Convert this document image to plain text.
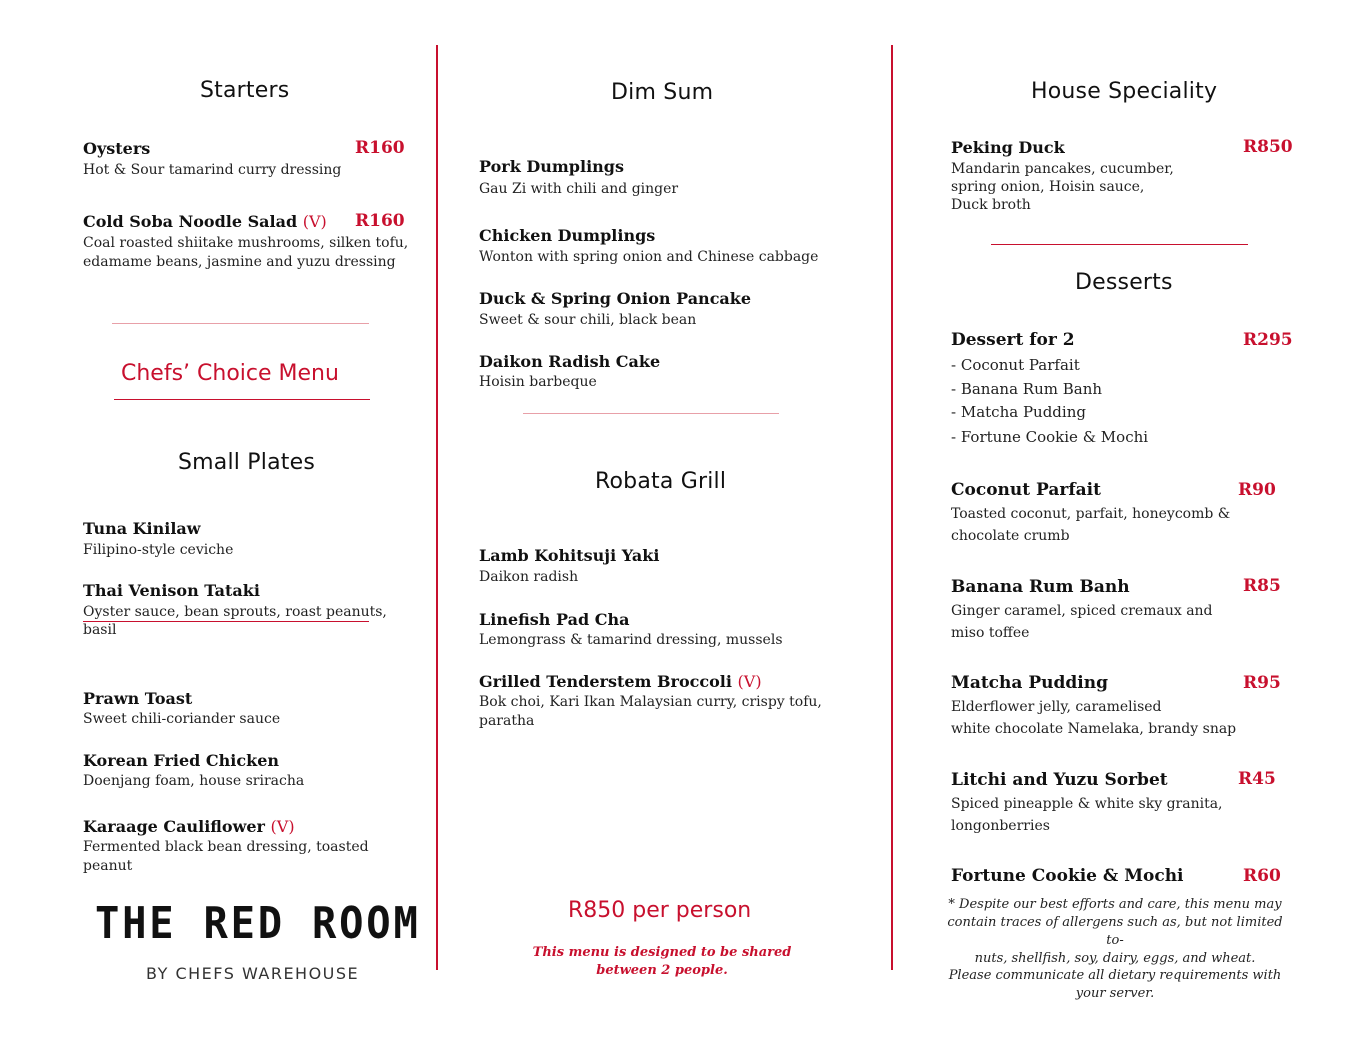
Starters
Oysters	R160
Hot & Sour tamarind curry dressing
Cold Soba Noodle Salad (V) R160
Coal roasted shiitake mushrooms, silken tofu,
edamame beans, jasmine and yuzu dressing
Chefs’ Choice Menu
Small Plates
Tuna Kinilaw
Filipino-style ceviche
Thai Venison Tataki
Oyster sauce, bean sprouts, roast peanuts,
basil
Prawn Toast
Sweet chili-coriander sauce
Korean Fried Chicken
Doenjang foam, house sriracha
Karaage Cauliflower (V)
Fermented black bean dressing, toasted
peanut
THE RED ROOM
BY CHEFS WAREHOUSE
Dim Sum
Pork Dumplings
Gau Zi with chili and ginger
Chicken Dumplings
Wonton with spring onion and Chinese cabbage
Duck & Spring Onion Pancake
Sweet & sour chili, black bean
Daikon Radish Cake
Hoisin barbeque
Robata Grill
Lamb Kohitsuji Yaki
Daikon radish
Linefish Pad Cha
Lemongrass & tamarind dressing, mussels
Grilled Tenderstem Broccoli (V)
Bok choi, Kari Ikan Malaysian curry, crispy tofu,
paratha
R850 per person
This menu is designed to be shared
between 2 people.
House Speciality
Peking Duck	R850
Mandarin pancakes, cucumber,
spring onion, Hoisin sauce,
Duck broth
Desserts
Dessert for 2	R295
- Coconut Parfait
- Banana Rum Banh
- Matcha Pudding
- Fortune Cookie & Mochi
Coconut Parfait	R90
Toasted coconut, parfait, honeycomb &
chocolate crumb
Banana Rum Banh	R85
Ginger caramel, spiced cremaux and
miso toffee
Matcha Pudding	R95
Elderflower jelly, caramelised
white chocolate Namelaka, brandy snap
Litchi and Yuzu Sorbet	R45
Spiced pineapple & white sky granita,
longonberries
Fortune Cookie & Mochi	R60
* Despite our best efforts and care, this menu may
contain traces of allergens such as, but not limited to-
nuts, shellfish, soy, dairy, eggs, and wheat.
Please communicate all dietary requirements with
your server.
